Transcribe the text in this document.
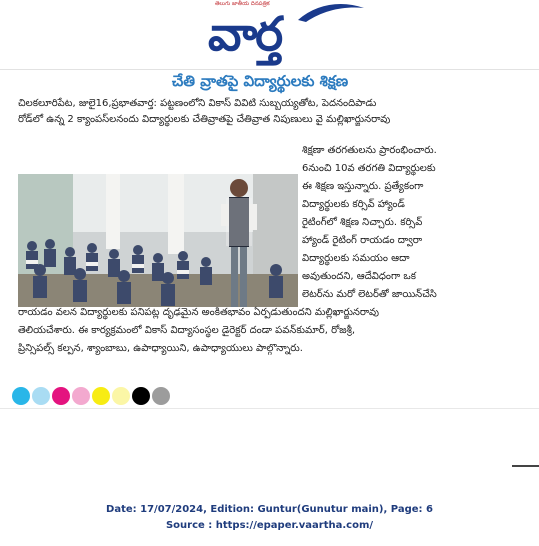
తెలుగు జాతీయ దినపత్రిక
వార్త
చేతి వ్రాతపై విద్యార్థులకు శిక్షణ
చిలకలూరిపేట, జులై16,ప్రభాతవార్త: పట్టణంలోని వికాస్ వివిటి సుబ్బయ్యతోట, పెదనందిపాడు
రోడ్‌లో ఉన్న 2 క్యాంపస్‌లనందు విద్యార్థులకు చేతివ్రాతపై చేతివ్రాత నిపుణులు వై మల్లిఖార్జునరావు
శిక్షణా తరగతులను ప్రారంభించారు.
6నుంచి 10వ తరగతి విద్యార్థులకు
ఈ శిక్షణ ఇస్తున్నారు. ప్రత్యేకంగా
విద్యార్థులకు కర్సివ్ హ్యాండ్
రైటింగ్‌లో శిక్షణ నిచ్చారు. కర్సివ్
హ్యాండ్ రైటింగ్ రాయడం ద్వారా
విద్యార్థులకు సమయం ఆదా
అవుతుందని, ఆదేవిధంగా ఒక
లెటర్‌ను మరో లెటర్‌తో జాయిన్‌చేసి
రాయడం వలన విద్యార్థులకు పనిపట్ల దృఢమైన అంకితభావం ఏర్పడుతుందని మల్లిఖార్జునరావు
తెలియచేశారు. ఈ కార్యక్రమంలో వికాస్ విద్యాసంస్థల డైరెక్టర్ దండా పవన్‌కుమార్, రోజశ్రీ,
ప్రిన్సిపల్స్ కల్పన, శ్యాంబాబు, ఉపాధ్యాయిని, ఉపాధ్యాయులు పాల్గొన్నారు.
Date: 17/07/2024, Edition: Guntur(Gunutur main), Page: 6
Source : https://epaper.vaartha.com/
